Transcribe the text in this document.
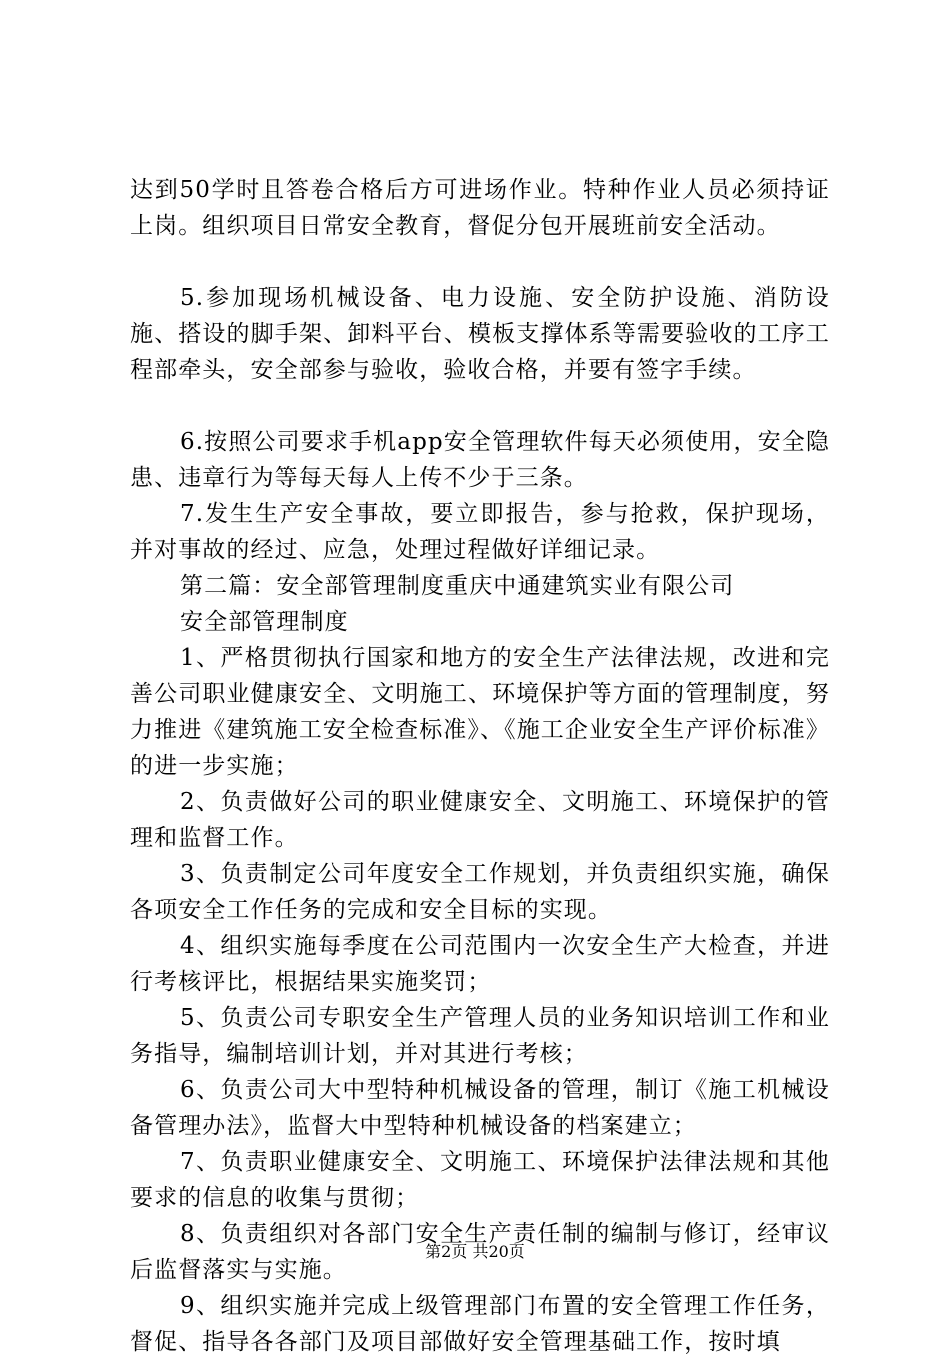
达到50学时且答卷合格后方可进场作业。特种作业人员必须持证上岗。组织项目日常安全教育，督促分包开展班前安全活动。

5.参加现场机械设备、电力设施、安全防护设施、消防设施、搭设的脚手架、卸料平台、模板支撑体系等需要验收的工序工程部牵头，安全部参与验收，验收合格，并要有签字手续。

6.按照公司要求手机app安全管理软件每天必须使用，安全隐患、违章行为等每天每人上传不少于三条。

7.发生生产安全事故，要立即报告，参与抢救，保护现场，并对事故的经过、应急，处理过程做好详细记录。

第二篇：安全部管理制度重庆中通建筑实业有限公司

安全部管理制度

1、严格贯彻执行国家和地方的安全生产法律法规，改进和完善公司职业健康安全、文明施工、环境保护等方面的管理制度，努力推进《建筑施工安全检查标准》、《施工企业安全生产评价标准》的进一步实施；

2、负责做好公司的职业健康安全、文明施工、环境保护的管理和监督工作。

3、负责制定公司年度安全工作规划，并负责组织实施，确保各项安全工作任务的完成和安全目标的实现。

4、组织实施每季度在公司范围内一次安全生产大检查，并进行考核评比，根据结果实施奖罚；

5、负责公司专职安全生产管理人员的业务知识培训工作和业务指导，编制培训计划，并对其进行考核；

6、负责公司大中型特种机械设备的管理，制订《施工机械设备管理办法》，监督大中型特种机械设备的档案建立；

7、负责职业健康安全、文明施工、环境保护法律法规和其他要求的信息的收集与贯彻；

8、负责组织对各部门安全生产责任制的编制与修订，经审议后监督落实与实施。

9、组织实施并完成上级管理部门布置的安全管理工作任务，督促、指导各各部门及项目部做好安全管理基础工作，按时填

第2页 共20页
